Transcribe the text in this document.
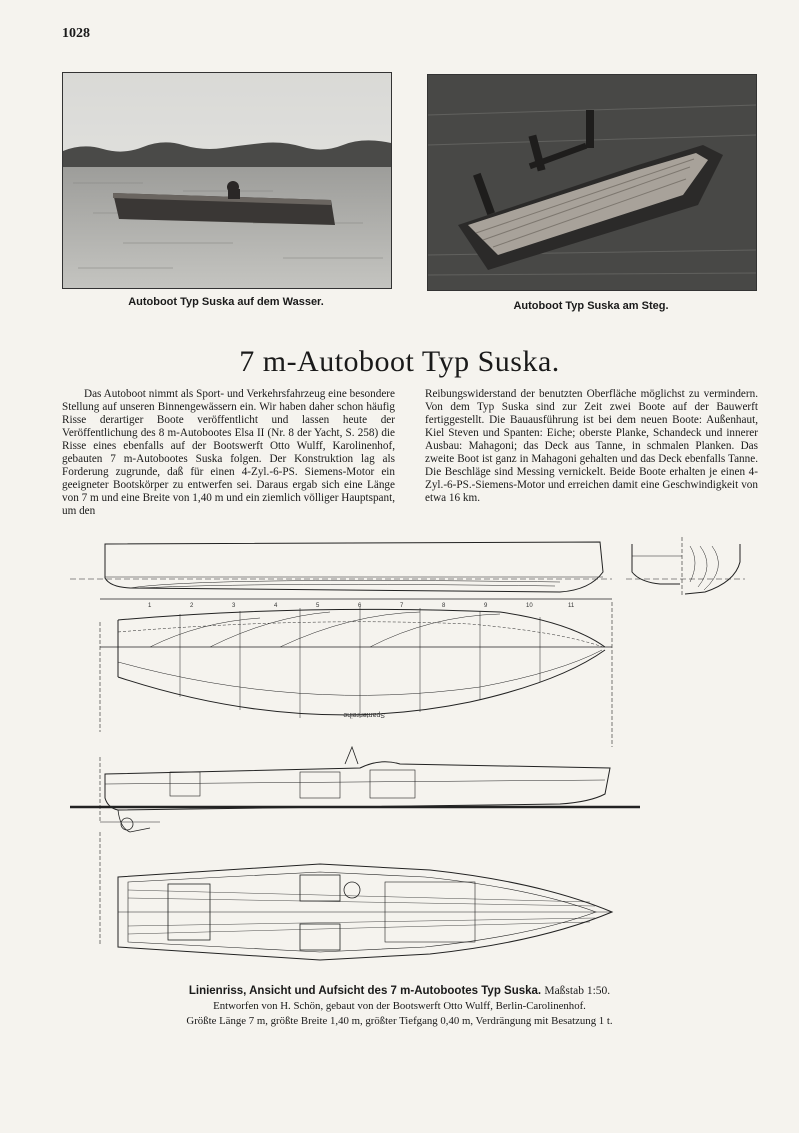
1028
Autoboot Typ Suska auf dem Wasser.	Autoboot Typ Suska am Steg.
7 m-Autoboot Typ Suska.

Das Autoboot nimmt als Sport- und Verkehrsfahrzeug eine besondere Stellung auf unseren Binnengewässern ein. Wir haben daher schon häufig Risse derartiger Boote veröffentlicht und lassen heute der Veröffentlichung des 8 m-Autobootes Elsa II (Nr. 8 der Yacht, S. 258) die Risse eines ebenfalls auf der Bootswerft Otto Wulff, Karolinenhof, gebauten 7 m-Autobootes Suska folgen. Der Konstruktion lag als Forderung zugrunde, daß für einen 4-Zyl.-6-PS. Siemens-Motor ein geeigneter Bootskörper zu entwerfen sei. Daraus ergab sich eine Länge von 7 m und eine Breite von 1,40 m und ein ziemlich völliger Hauptspant, um den

Reibungswiderstand der benutzten Oberfläche möglichst zu vermindern. Von dem Typ Suska sind zur Zeit zwei Boote auf der Bauwerft fertiggestellt. Die Bauausführung ist bei dem neuen Boote: Außenhaut, Kiel Steven und Spanten: Eiche; oberste Planke, Schandeck und innerer Ausbau: Mahagoni; das Deck aus Tanne, in schmalen Planken. Das zweite Boot ist ganz in Mahagoni gehalten und das Deck ebenfalls Tanne. Die Beschläge sind Messing vernickelt. Beide Boote erhalten je einen 4-Zyl.-6-PS.-Siemens-Motor und erreichen damit eine Geschwindigkeit von etwa 16 km.

1	2	3	4	5	6	7	8	9	10	11
Spantenreihe
Linienriss, Ansicht und Aufsicht des 7 m-Autobootes Typ Suska. Maßstab 1:50.
Entworfen von H. Schön, gebaut von der Bootswerft Otto Wulff, Berlin-Carolinenhof.
Größte Länge 7 m, größte Breite 1,40 m, größter Tiefgang 0,40 m, Verdrängung mit Besatzung 1 t.
